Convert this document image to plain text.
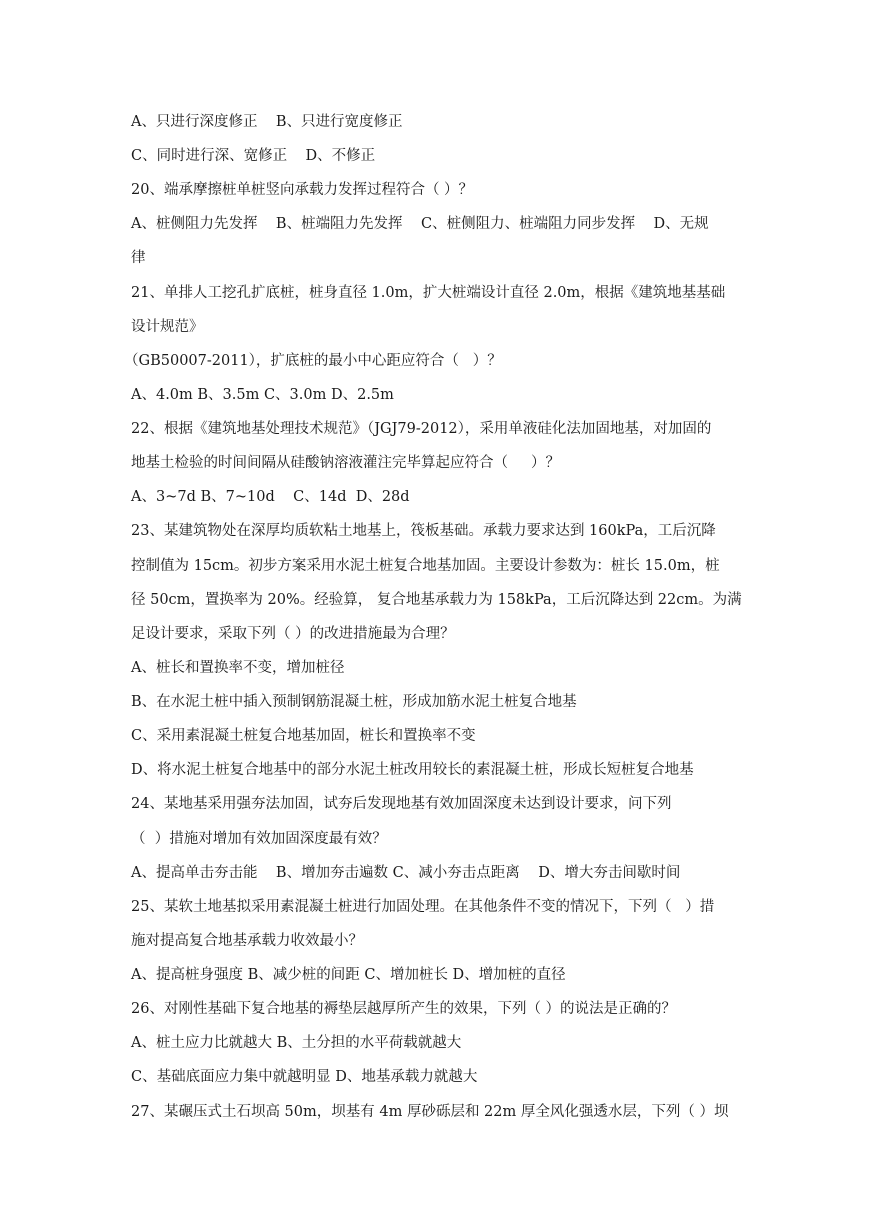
A、只进行深度修正    B、只进行宽度修正
C、同时进行深、宽修正    D、不修正
20、端承摩擦桩单桩竖向承载力发挥过程符合（ ）？
A、桩侧阻力先发挥    B、桩端阻力先发挥    C、桩侧阻力、桩端阻力同步发挥    D、无规
律
21、单排人工挖孔扩底桩，桩身直径 1.0m，扩大桩端设计直径 2.0m，根据《建筑地基基础
设计规范》
（GB50007-2011），扩底桩的最小中心距应符合（   ）？
A、4.0m B、3.5m C、3.0m D、2.5m
22、根据《建筑地基处理技术规范》（JGJ79-2012），采用单液硅化法加固地基，对加固的
地基土检验的时间间隔从硅酸钠溶液灌注完毕算起应符合（     ）？
A、3~7d B、7~10d    C、14d  D、28d
23、某建筑物处在深厚均质软粘土地基上，筏板基础。承载力要求达到 160kPa，工后沉降
控制值为 15cm。初步方案采用水泥土桩复合地基加固。主要设计参数为：桩长 15.0m，桩
径 50cm，置换率为 20%。经验算， 复合地基承载力为 158kPa，工后沉降达到 22cm。为满
足设计要求，采取下列（ ）的改进措施最为合理？
A、桩长和置换率不变，增加桩径
B、在水泥土桩中插入预制钢筋混凝土桩，形成加筋水泥土桩复合地基
C、采用素混凝土桩复合地基加固，桩长和置换率不变
D、将水泥土桩复合地基中的部分水泥土桩改用较长的素混凝土桩，形成长短桩复合地基
24、某地基采用强夯法加固，试夯后发现地基有效加固深度未达到设计要求，问下列
（  ）措施对增加有效加固深度最有效？
A、提高单击夯击能    B、增加夯击遍数 C、减小夯击点距离    D、增大夯击间歇时间
25、某软土地基拟采用素混凝土桩进行加固处理。在其他条件不变的情况下，下列（   ）措
施对提高复合地基承载力收效最小？
A、提高桩身强度 B、减少桩的间距 C、增加桩长 D、增加桩的直径
26、对刚性基础下复合地基的褥垫层越厚所产生的效果，下列（ ）的说法是正确的？
A、桩土应力比就越大 B、土分担的水平荷载就越大
C、基础底面应力集中就越明显 D、地基承载力就越大
27、某碾压式土石坝高 50m，坝基有 4m 厚砂砾层和 22m 厚全风化强透水层，下列（ ）坝
